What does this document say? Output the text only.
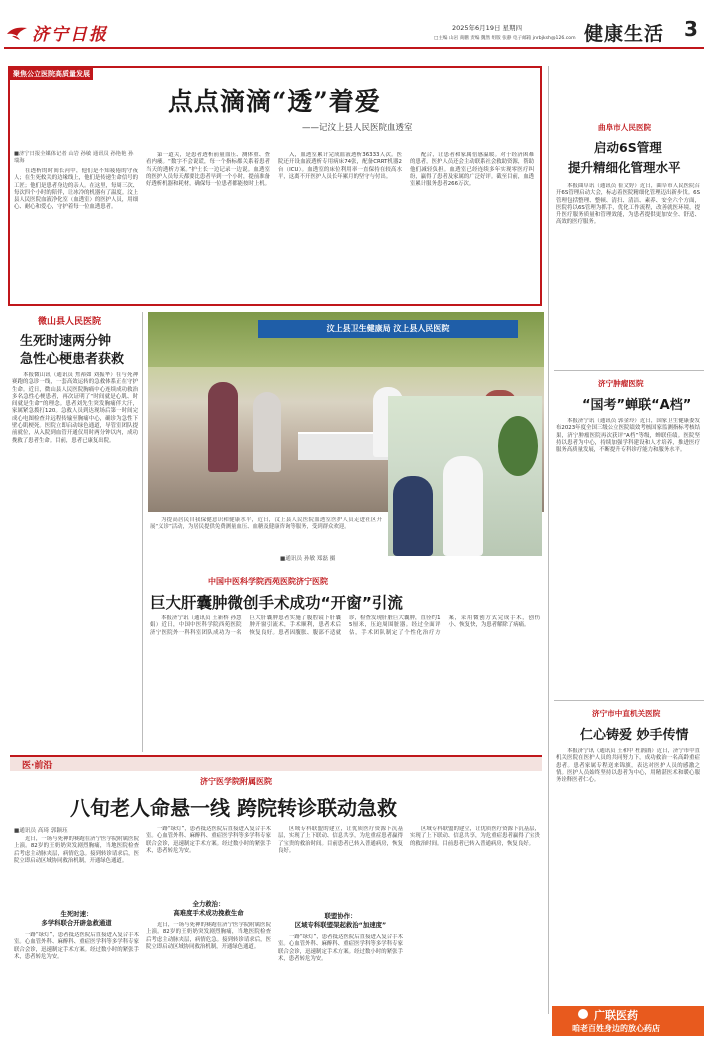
济宁日报	2025年6月19日 星期四
□主编 山岩 商鹏 责编 魏然 组版 张静 电子邮箱 jnrbjksh@126.com 健康生活 3
聚焦公立医院高质量发展
点点滴滴“透”着爱
——记汶上县人民医院血透室
■济宁日报全媒体记者 山岩 孙敏 通讯员 孙艳艳 孙瑞海

在透析的时间长河中，他们是不知疲倦的守夜人；在生死攸关的边缘线上，他们是传递生命信号的工匠；他们是患者身边的亲人。在这里，每周三次、每次四个小时的陪伴，让冰冷的机器有了温度。汶上县人民医院血液净化室（血透室）的医护人员，用细心、耐心和爱心，守护着每一位血透患者。

第一道关，是患者透析前量血压、测体重、查看内瘘。“数字不会说谎，每一个指标都关系着患者当天的透析方案。”护士长一边记录一边说。血透室的医护人员每天都要比患者早到一个小时，提前准备好透析机器和耗材，确保每一位患者都能按时上机。

入，血透室累计完成血液透析36333人次。医院还开设血液透析专用病床74张，配备CRRT机器2台（ICU）。血透室的床位利用率一直保持在较高水平，这离不开医护人员长年累月的坚守与付出。

配合，让患者和家属倍感温暖。对于经济困难的患者，医护人员还会主动联系社会救助资源，帮助他们减轻负担。血透室已经连续多年实现零医疗纠纷，赢得了患者及家属的广泛好评。截至目前，血透室累计服务患者266万次。

微山县人民医院
生死时速两分钟
急性心梗患者获救

本报微山讯（通讯员 焦裕如 刘振华）在与死神赛跑的急诊一线，一套高效运转的急救体系正在守护生命。近日，微山县人民医院胸痛中心连续成功救治多名急性心梗患者，再次证明了“时间就是心肌、时间就是生命”的理念。患者刘先生突发胸痛伴大汗，家属紧急拨打120。急救人员到达现场后第一时间完成心电图检查并远程传输至胸痛中心，确诊为急性下壁心肌梗死。医院立即启动绿色通道，导管室团队提前就位，从入院到血管开通仅用时两分钟以内，成功挽救了患者生命。目前，患者已康复出院。

汶上县卫生健康局 汶上县人民医院

为提高居民自我保健意识和健康水平，近日，汶上县人民医院血透室医护人员走进社区开展“义诊”活动，为居民提供免费测量血压、血糖及健康咨询等服务，受到群众欢迎。

■通讯员 孙敏 郑磊 摄
中国中医科学院西苑医院济宁医院
巨大肝囊肿微创手术成功“开窗”引流

本报济宁讯（通讯员 王新桥 孙慧娟）近日，中国中医科学院西苑医院济宁医院外一科科室团队成功为一名巨大肝囊肿患者实施了腹腔镜下肝囊肿开窗引流术，手术顺利，患者术后恢复良好。患者因腹胀、腹部不适就诊，检查发现肝脏巨大囊肿，直径约15厘米，压迫周围脏器。经过全面评估，手术团队制定了个性化治疗方案，采用微创方式完成手术，创伤小、恢复快，为患者解除了病痛。

医·前沿
济宁医学院附属医院
八旬老人命悬一线 跨院转诊联动急救
■通讯员 高琦 郭颖珏

近日，一场与死神的赛跑在济宁医学院附属医院上演。82岁的王奶奶突发剧烈胸痛，当地医院检查后考虑主动脉夹层，病情危急。接到转诊请求后，医院立即启动区域协同救治机制，开通绿色通道。

生死时速：
多学科联合开辟急救通道

一路“绿灯”，患者抵达医院后直接进入复合手术室。心血管外科、麻醉科、重症医学科等多学科专家联合会诊，迅速制定手术方案。经过数小时的紧张手术，患者转危为安。

一路“绿灯”，患者抵达医院后直接进入复合手术室。心血管外科、麻醉科、重症医学科等多学科专家联合会诊，迅速制定手术方案。经过数小时的紧张手术，患者转危为安。

全力救治：
高难度手术成功挽救生命

近日，一场与死神的赛跑在济宁医学院附属医院上演。82岁的王奶奶突发剧烈胸痛，当地医院检查后考虑主动脉夹层，病情危急。接到转诊请求后，医院立即启动区域协同救治机制，开通绿色通道。

区域专科联盟的建立，让优质医疗资源下沉基层，实现了上下联动、信息共享，为危重症患者赢得了宝贵的救治时间。目前患者已转入普通病房，恢复良好。

联盟协作：
区域专科联盟架起救治“加速度”

一路“绿灯”，患者抵达医院后直接进入复合手术室。心血管外科、麻醉科、重症医学科等多学科专家联合会诊，迅速制定手术方案。经过数小时的紧张手术，患者转危为安。

区域专科联盟的建立，让优质医疗资源下沉基层，实现了上下联动、信息共享，为危重症患者赢得了宝贵的救治时间。目前患者已转入普通病房，恢复良好。

曲阜市人民医院
启动6S管理
提升精细化管理水平

本报曲阜讯（通讯员 崔文婷）近日，曲阜市人民医院召开6S管理启动大会，标志着医院精细化管理迈出新步伐。6S管理包括整理、整顿、清扫、清洁、素养、安全六个方面，医院将以6S管理为抓手，优化工作流程，改善就医环境，提升医疗服务质量和管理效能，为患者提供更加安全、舒适、高效的医疗服务。

济宁肿瘤医院
“国考”蝉联“A档”

本报济宁讯（通讯员 郭金玲）近日，国家卫生健康委发布2023年度全国三级公立医院绩效考核国家监测指标考核结果，济宁肿瘤医院再次获评“A档”等级，蝉联佳绩。医院坚持以患者为中心，持续加强学科建设和人才培养，推进医疗服务高质量发展，不断提升专科诊疗能力和服务水平。

济宁市中直机关医院
仁心铸爱 妙手传情

本报济宁讯（通讯员 王和中 杜鹃鹃）近日，济宁市中直机关医院在医护人员的共同努力下，成功救治一名高龄重症患者。患者家属专程送来锦旗，表达对医护人员的感激之情。医护人员始终坚持以患者为中心，用精湛医术和暖心服务诠释医者仁心。

广联医药
咱老百姓身边的放心药店
